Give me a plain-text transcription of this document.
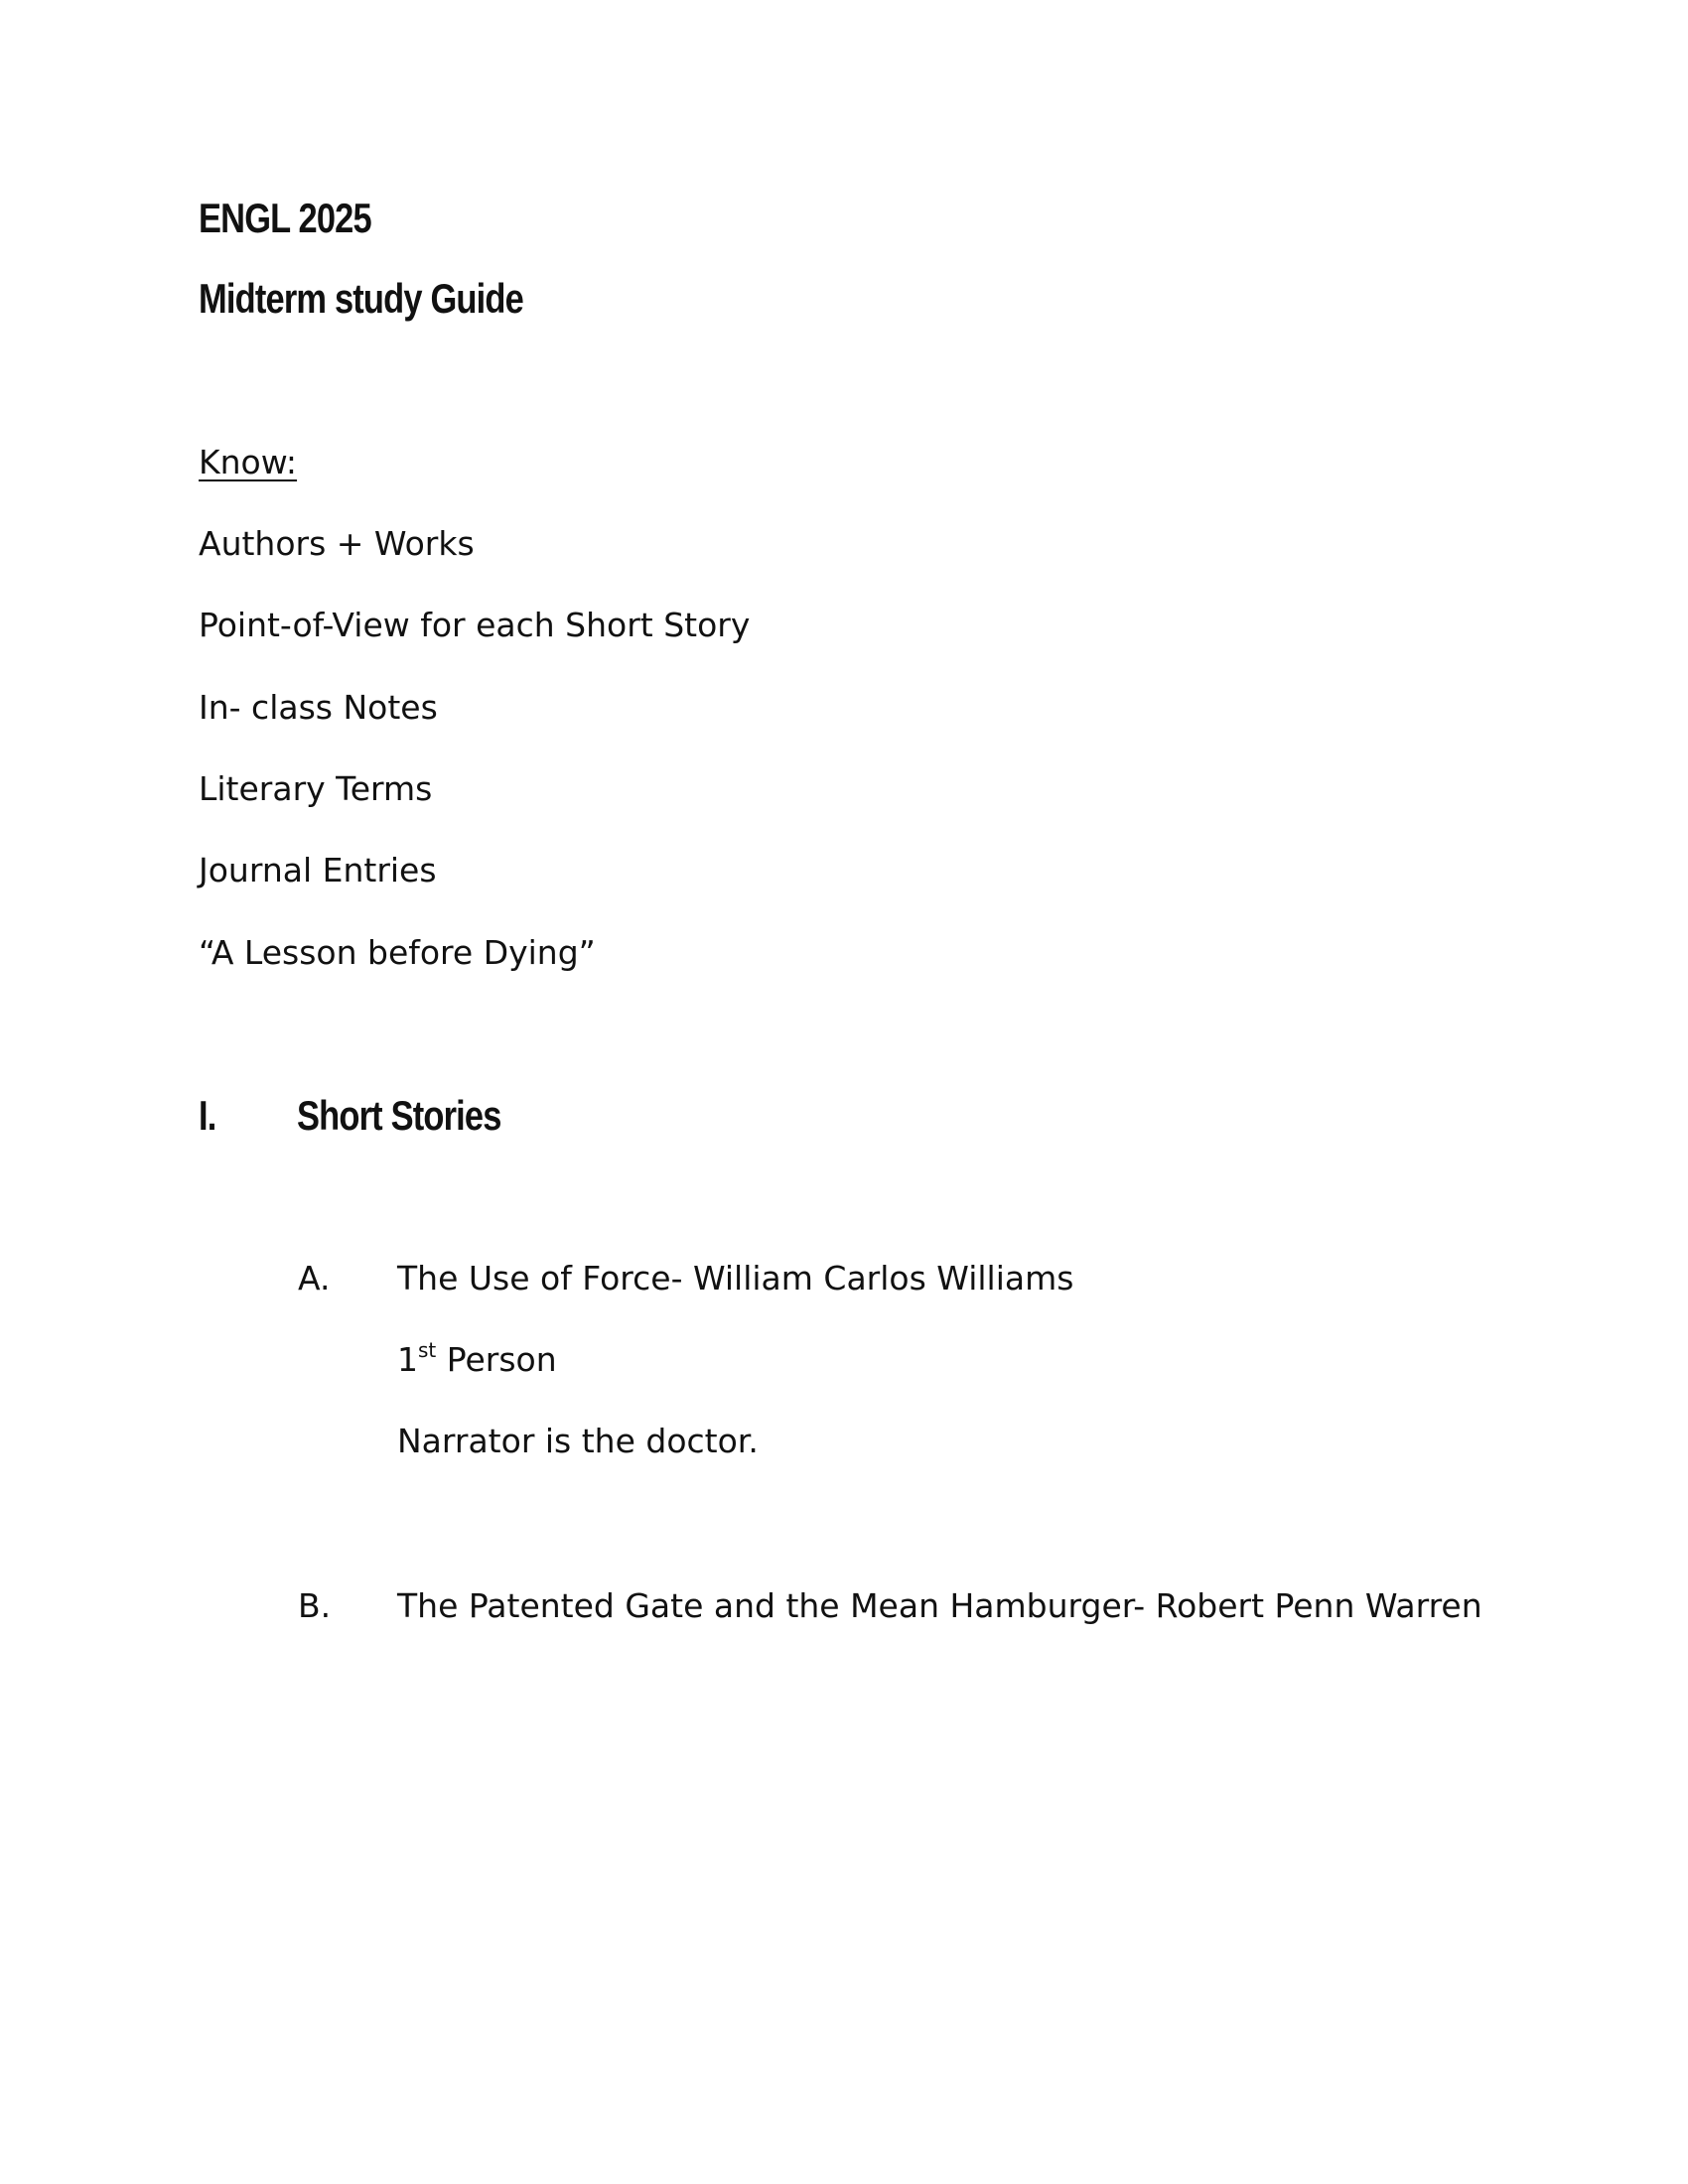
ENGL 2025
Midterm study Guide
Know:
Authors + Works
Point-of-View for each Short Story
In- class Notes
Literary Terms
Journal Entries
“A Lesson before Dying”
I. Short Stories
A. The Use of Force- William Carlos Williams
1st Person
Narrator is the doctor.
B. The Patented Gate and the Mean Hamburger- Robert Penn Warren
